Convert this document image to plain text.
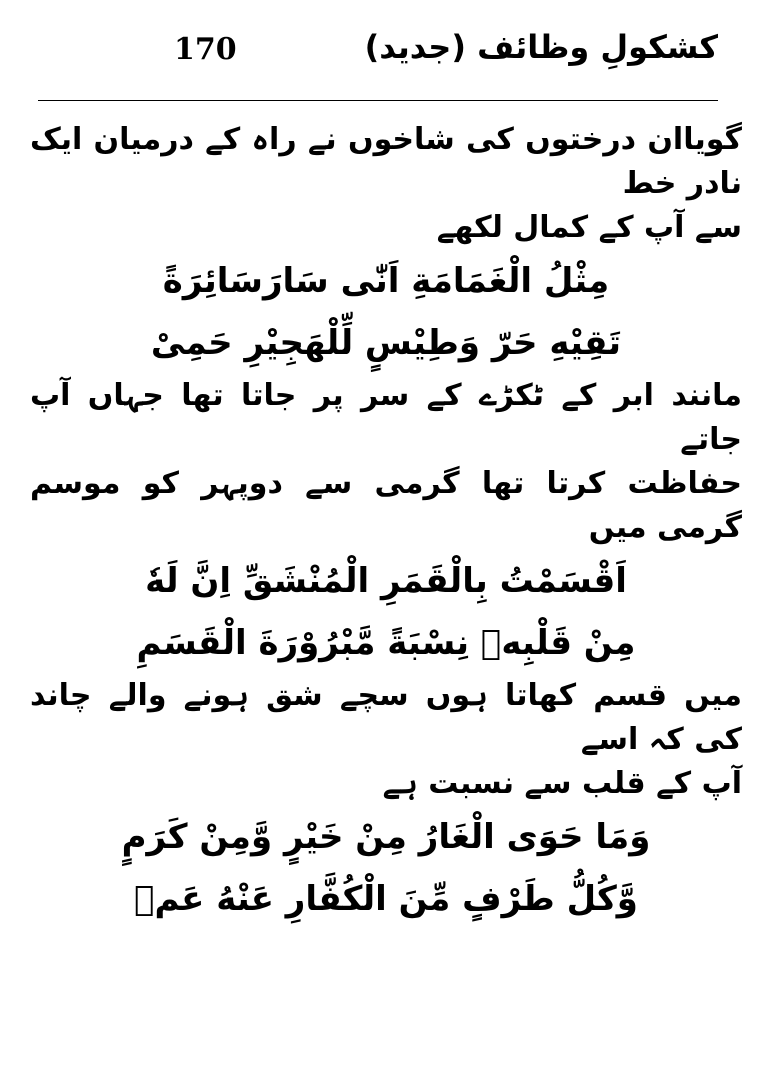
170	کشکولِ وظائف (جدید)

گویاان درختوں کی شاخوں نے راہ کے درمیان ایک نادر خط

سے آپ کے کمال لکھے

مِثْلُ الْغَمَامَةِ اَنّٰی سَارَسَائِرَةً

تَقِيْهِ حَرّ وَطِيْسٍ لِّلْهَجِيْرِ حَمِیْ

مانند ابر کے ٹکڑے کے سر پر جاتا تھا جہاں آپ جاتے

حفاظت کرتا تھا گرمی سے دوپہر کو موسم گرمی میں

اَقْسَمْتُ بِالْقَمَرِ الْمُنْشَقِّ اِنَّ لَهٗ

مِنْ قَلْبِهٖ نِسْبَةً مَّبْرُوْرَةَ الْقَسَمِ

میں قسم کھاتا ہوں سچے شق ہونے والے چاند کی کہ اسے

آپ کے قلب سے نسبت ہے

وَمَا حَوَی الْغَارُ مِنْ خَيْرٍ وَّمِنْ كَرَمٍ

وَّكُلُّ طَرْفٍ مِّنَ الْكُفَّارِ عَنْهُ عَمٖ
